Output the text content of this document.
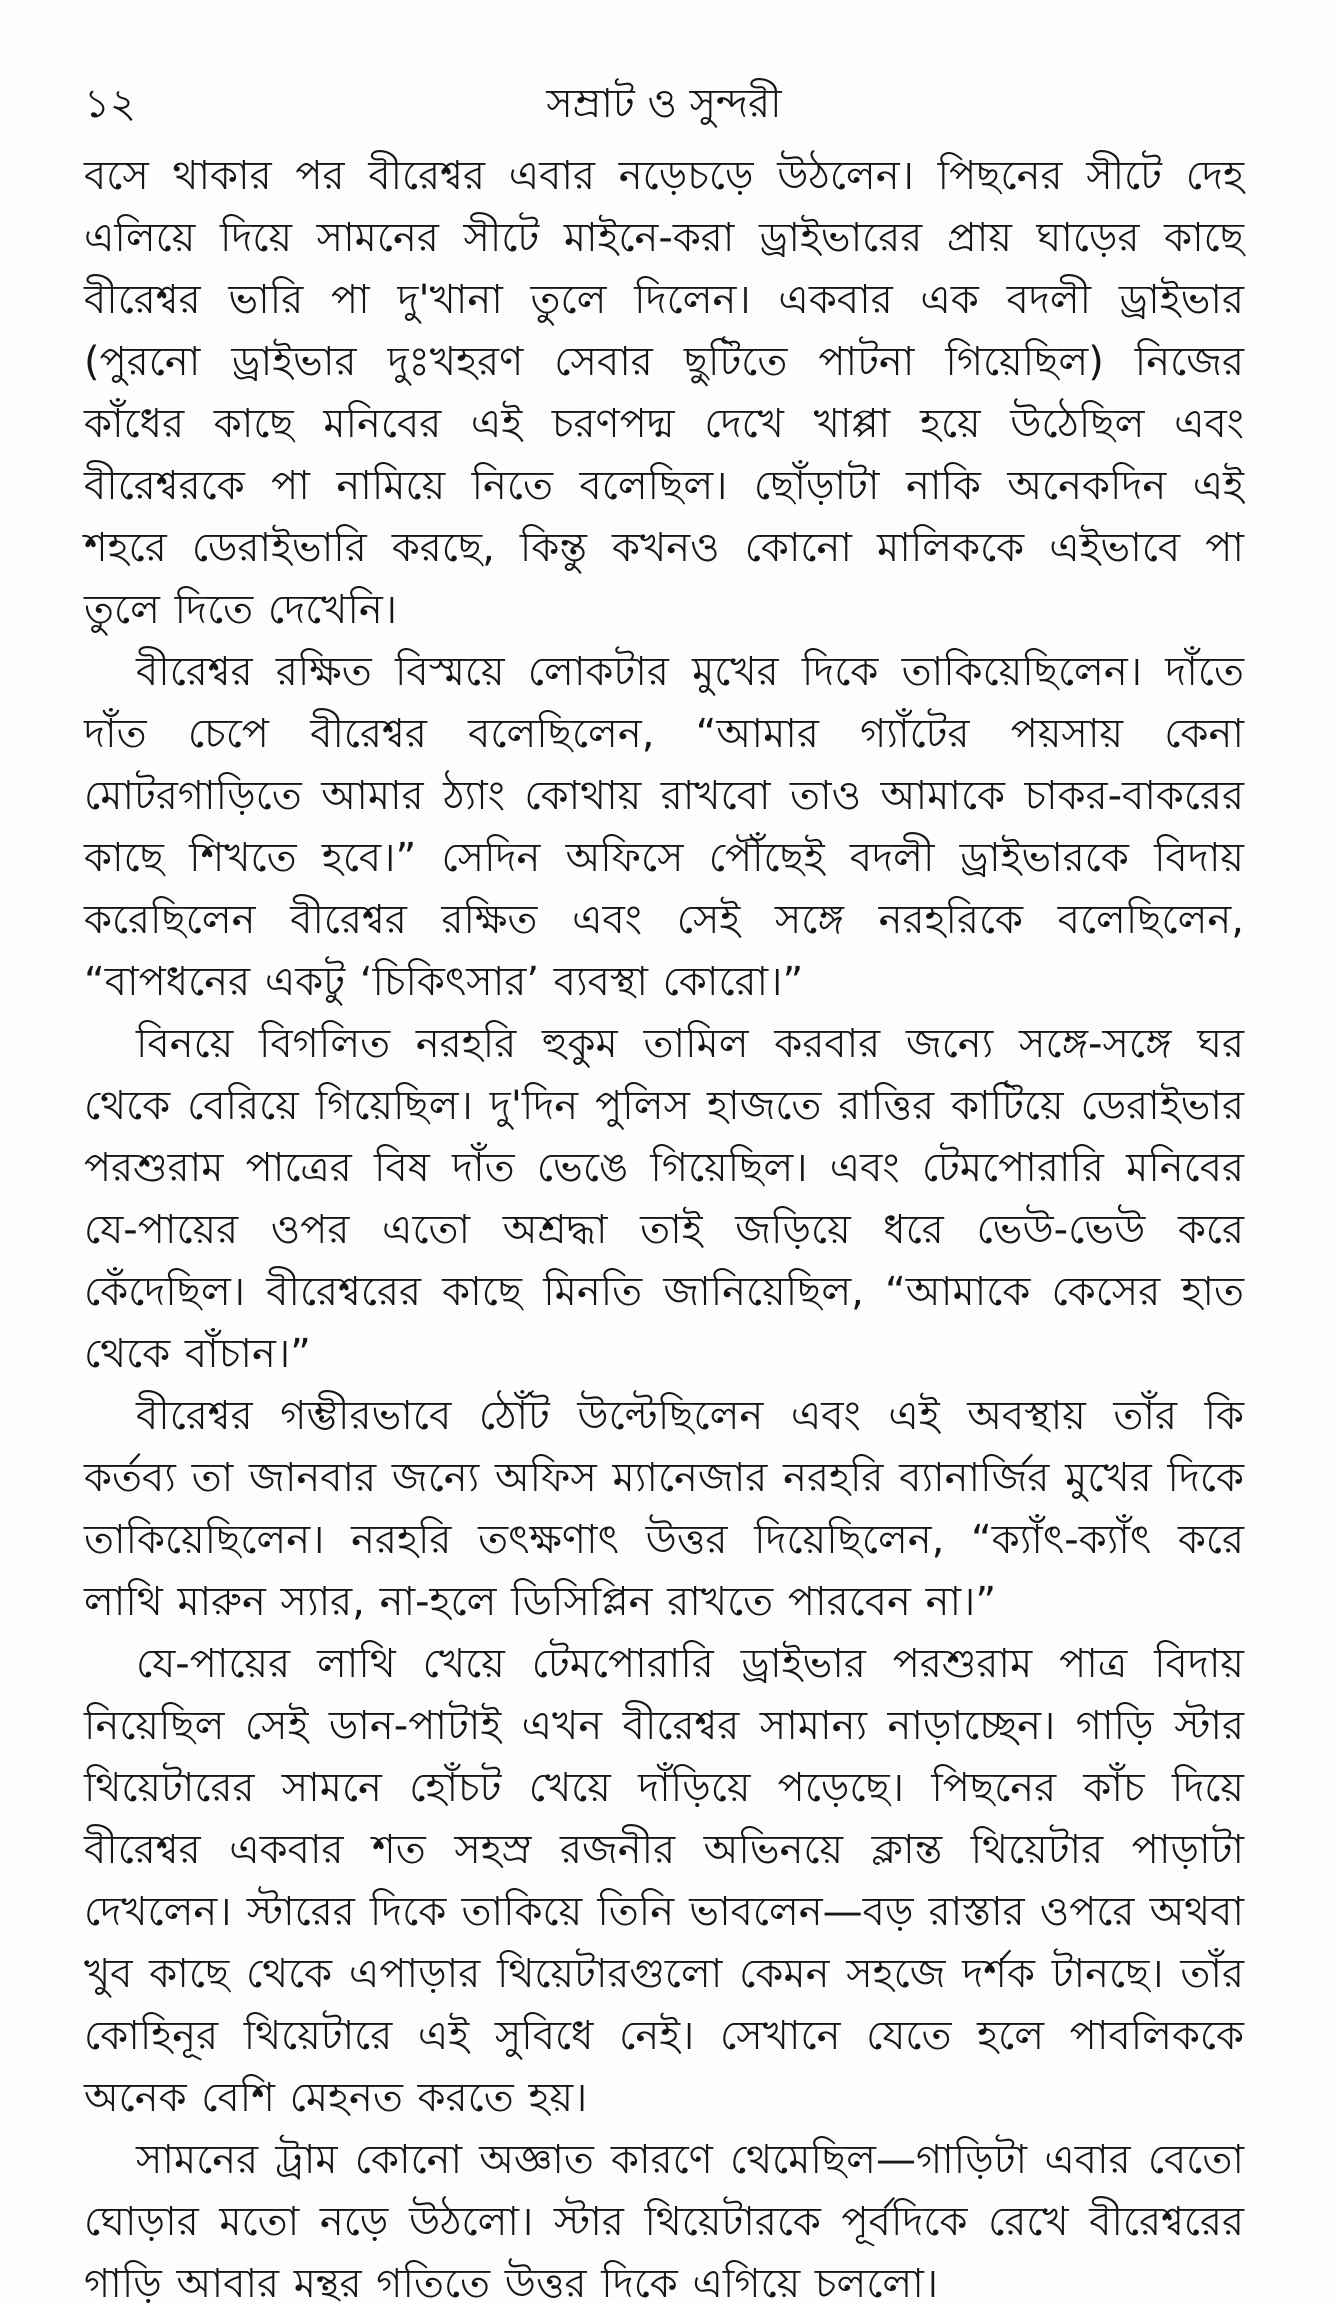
১২	সম্রাট ও সুন্দরী

বসে থাকার পর বীরেশ্বর এবার নড়েচড়ে উঠলেন। পিছনের সীটে দেহ এলিয়ে দিয়ে সামনের সীটে মাইনে-করা ড্রাইভারের প্রায় ঘাড়ের কাছে বীরেশ্বর ভারি পা দু'খানা তুলে দিলেন। একবার এক বদলী ড্রাইভার (পুরনো ড্রাইভার দুঃখহরণ সেবার ছুটিতে পাটনা গিয়েছিল) নিজের কাঁধের কাছে মনিবের এই চরণপদ্ম দেখে খাপ্পা হয়ে উঠেছিল এবং বীরেশ্বরকে পা নামিয়ে নিতে বলেছিল। ছোঁড়াটা নাকি অনেকদিন এই শহরে ডেরাইভারি করছে, কিন্তু কখনও কোনো মালিককে এইভাবে পা তুলে দিতে দেখেনি।

বীরেশ্বর রক্ষিত বিস্ময়ে লোকটার মুখের দিকে তাকিয়েছিলেন। দাঁতে দাঁত চেপে বীরেশ্বর বলেছিলেন, “আমার গ্যাঁটের পয়সায় কেনা মোটরগাড়িতে আমার ঠ্যাং কোথায় রাখবো তাও আমাকে চাকর-বাকরের কাছে শিখতে হবে।” সেদিন অফিসে পৌঁছেই বদলী ড্রাইভারকে বিদায় করেছিলেন বীরেশ্বর রক্ষিত এবং সেই সঙ্গে নরহরিকে বলেছিলেন, “বাপধনের একটু ‘চিকিৎসার’ ব্যবস্থা কোরো।”

বিনয়ে বিগলিত নরহরি হুকুম তামিল করবার জন্যে সঙ্গে-সঙ্গে ঘর থেকে বেরিয়ে গিয়েছিল। দু'দিন পুলিস হাজতে রাত্তির কাটিয়ে ডেরাইভার পরশুরাম পাত্রের বিষ দাঁত ভেঙে গিয়েছিল। এবং টেমপোরারি মনিবের যে-পায়ের ওপর এতো অশ্রদ্ধা তাই জড়িয়ে ধরে ভেউ-ভেউ করে কেঁদেছিল। বীরেশ্বরের কাছে মিনতি জানিয়েছিল, “আমাকে কেসের হাত থেকে বাঁচান।”

বীরেশ্বর গম্ভীরভাবে ঠোঁট উল্টেছিলেন এবং এই অবস্থায় তাঁর কি কর্তব্য তা জানবার জন্যে অফিস ম্যানেজার নরহরি ব্যানার্জির মুখের দিকে তাকিয়েছিলেন। নরহরি তৎক্ষণাৎ উত্তর দিয়েছিলেন, “ক্যাঁৎ-ক্যাঁৎ করে লাথি মারুন স্যার, না-হলে ডিসিপ্লিন রাখতে পারবেন না।”

যে-পায়ের লাথি খেয়ে টেমপোরারি ড্রাইভার পরশুরাম পাত্র বিদায় নিয়েছিল সেই ডান-পাটাই এখন বীরেশ্বর সামান্য নাড়াচ্ছেন। গাড়ি স্টার থিয়েটারের সামনে হোঁচট খেয়ে দাঁড়িয়ে পড়েছে। পিছনের কাঁচ দিয়ে বীরেশ্বর একবার শত সহস্র রজনীর অভিনয়ে ক্লান্ত থিয়েটার পাড়াটা দেখলেন। স্টারের দিকে তাকিয়ে তিনি ভাবলেন—বড় রাস্তার ওপরে অথবা খুব কাছে থেকে এপাড়ার থিয়েটারগুলো কেমন সহজে দর্শক টানছে। তাঁর কোহিনূর থিয়েটারে এই সুবিধে নেই। সেখানে যেতে হলে পাবলিককে অনেক বেশি মেহনত করতে হয়।

সামনের ট্রাম কোনো অজ্ঞাত কারণে থেমেছিল—গাড়িটা এবার বেতো ঘোড়ার মতো নড়ে উঠলো। স্টার থিয়েটারকে পূর্বদিকে রেখে বীরেশ্বরের গাড়ি আবার মন্থর গতিতে উত্তর দিকে এগিয়ে চললো।
